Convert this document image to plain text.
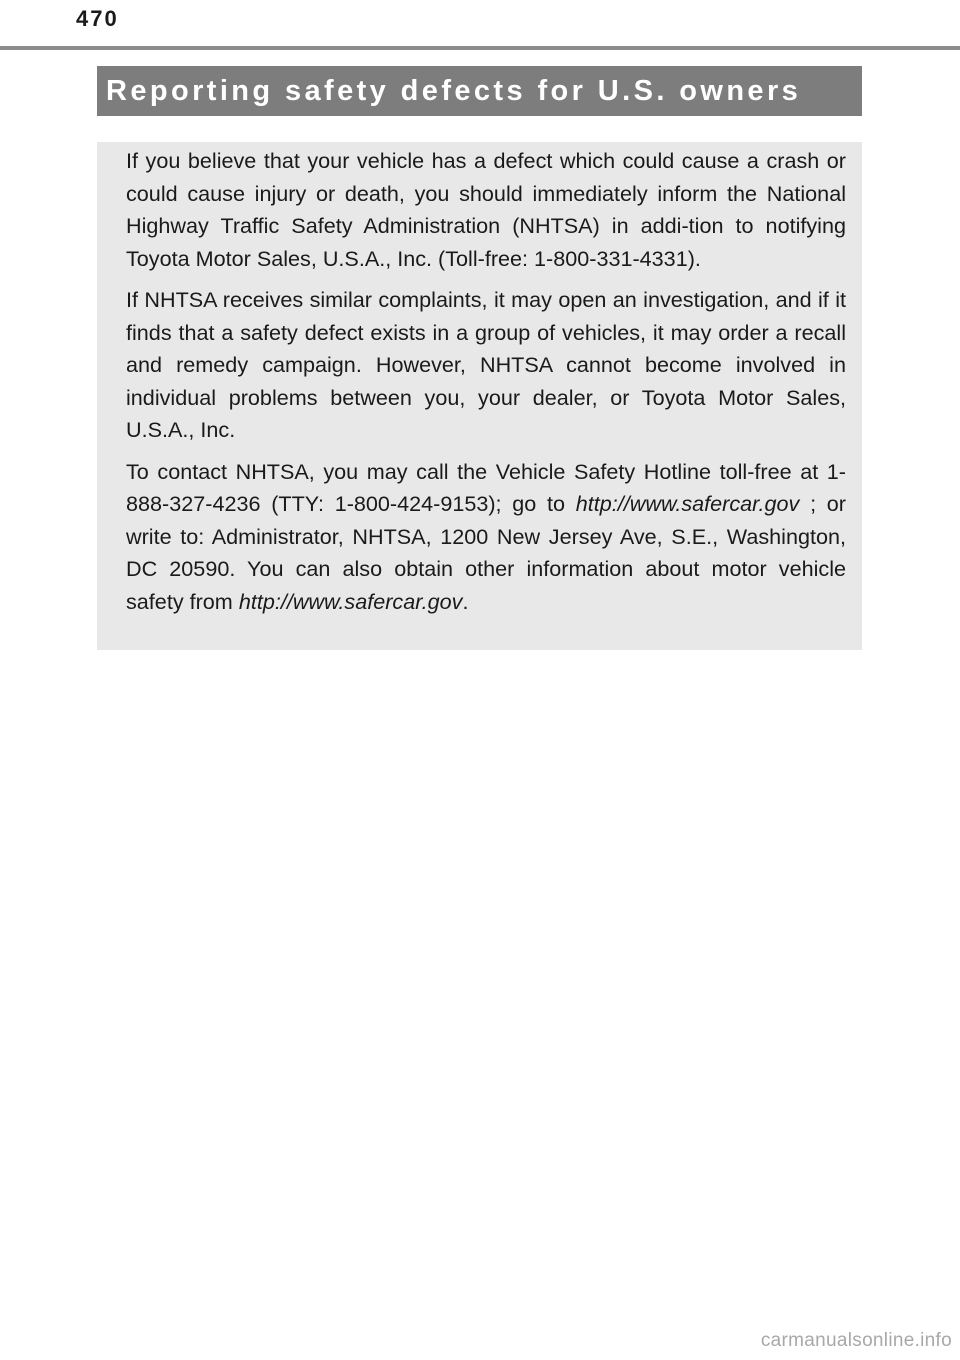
470
Reporting safety defects for U.S. owners

If you believe that your vehicle has a defect which could cause a crash or could cause injury or death, you should immediately inform the National Highway Traffic Safety Administration (NHTSA) in addi-tion to notifying Toyota Motor Sales, U.S.A., Inc. (Toll-free: 1-800-331-4331).

If NHTSA receives similar complaints, it may open an investigation, and if it finds that a safety defect exists in a group of vehicles, it may order a recall and remedy campaign. However, NHTSA cannot become involved in individual problems between you, your dealer, or Toyota Motor Sales, U.S.A., Inc.

To contact NHTSA, you may call the Vehicle Safety Hotline toll-free at 1-888-327-4236 (TTY: 1-800-424-9153); go to http://www.safercar.gov ; or write to: Administrator, NHTSA, 1200 New Jersey Ave, S.E., Washington, DC 20590. You can also obtain other information about motor vehicle safety from http://www.safercar.gov.

carmanualsonline.info
